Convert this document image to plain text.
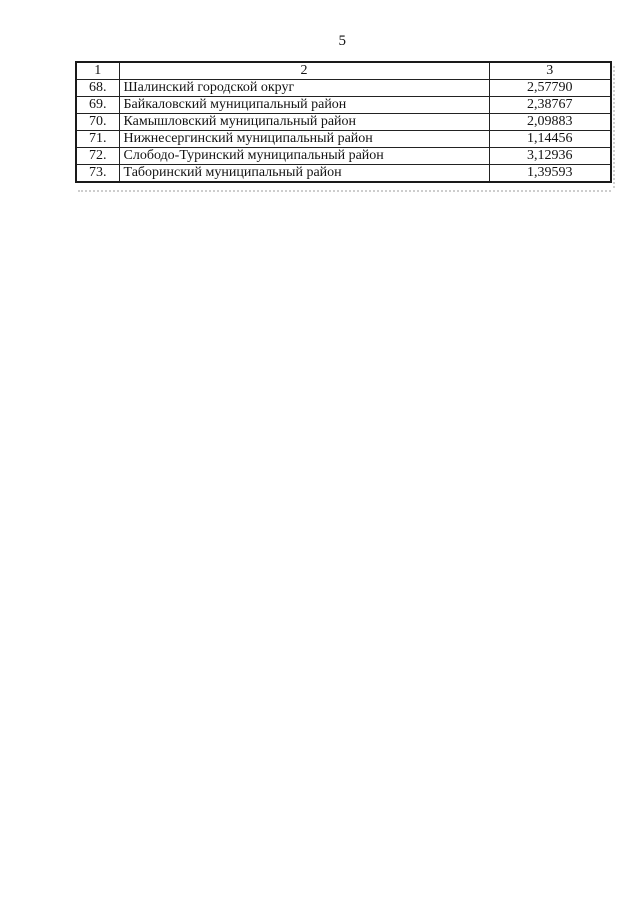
5
1	2	3
68.	Шалинский городской округ	2,57790
69.	Байкаловский муниципальный район	2,38767
70.	Камышловский муниципальный район	2,09883
71.	Нижнесергинский муниципальный район	1,14456
72.	Слободо-Туринский муниципальный район	3,12936
73.	Таборинский муниципальный район	1,39593
